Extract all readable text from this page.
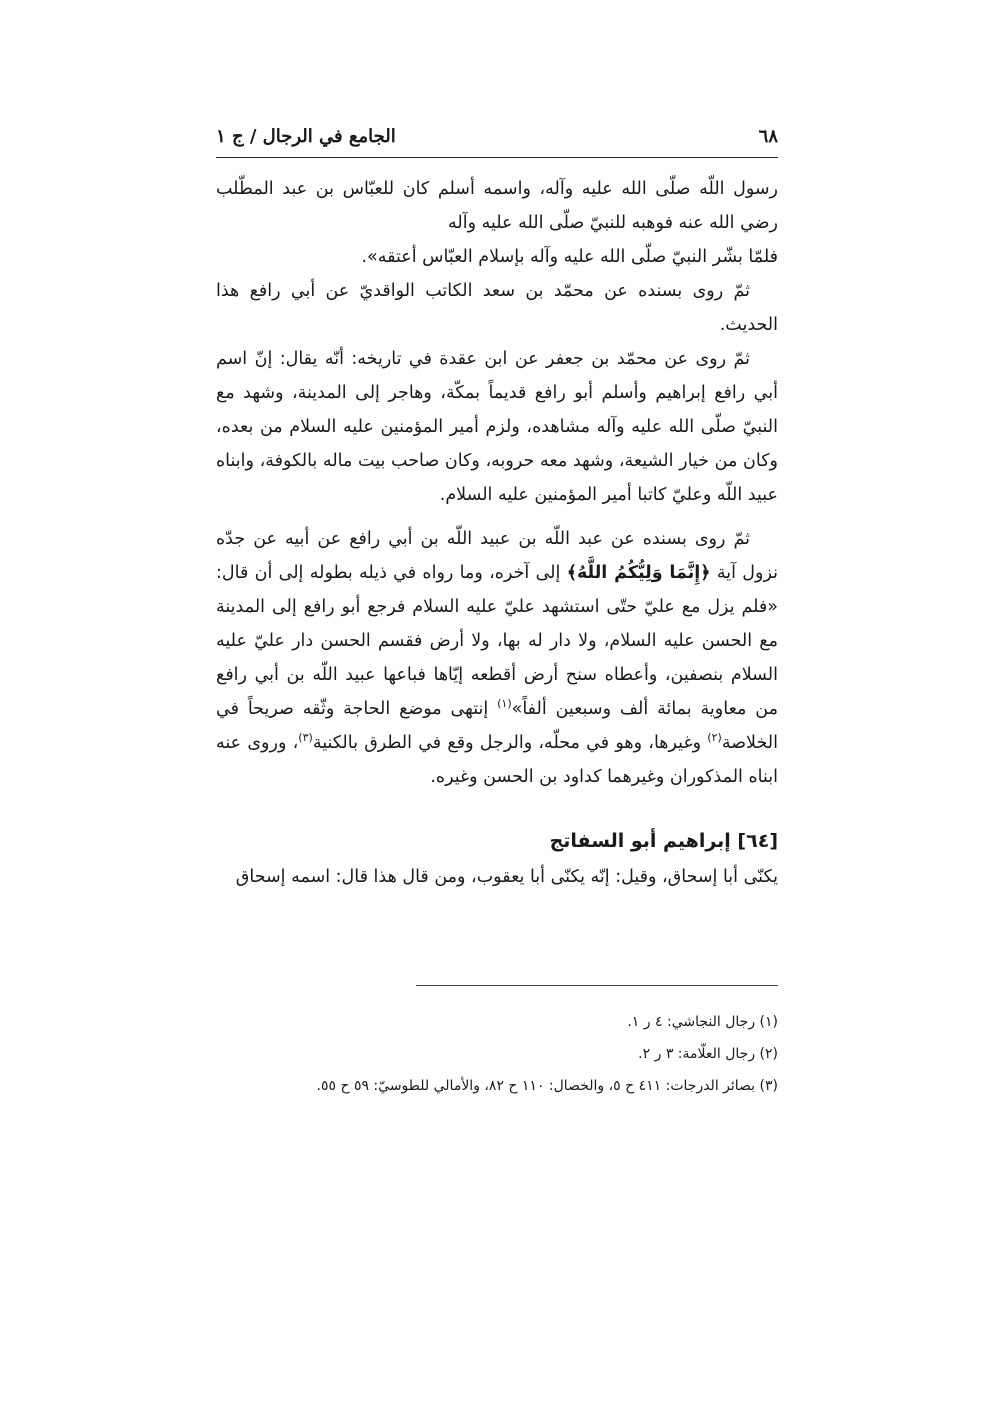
٦٨
الجامع في الرجال / ج ١

رسول اللّه صلّى الله عليه وآله، واسمه أسلم كان للعبّاس بن عبد المطّلب رضي الله عنه فوهبه للنبيّ صلّى الله عليه وآله

فلمّا بشّر النبيّ صلّى الله عليه وآله بإسلام العبّاس أعتقه».

ثمّ روى بسنده عن محمّد بن سعد الكاتب الواقديّ عن أبي رافع هذا الحديث.

ثمّ روى عن محمّد بن جعفر عن ابن عقدة في تاريخه: أنّه يقال: إنّ اسم أبي رافع إبراهيم وأسلم أبو رافع قديماً بمكّة، وهاجر إلى المدينة، وشهد مع النبيّ صلّى الله عليه وآله مشاهده، ولزم أمير المؤمنين عليه السلام من بعده، وكان من خيار الشيعة، وشهد معه حروبه، وكان صاحب بيت ماله بالكوفة، وابناه عبيد اللّه وعليّ كاتبا أمير المؤمنين عليه السلام.

ثمّ روى بسنده عن عبد اللّه بن عبيد اللّه بن أبي رافع عن أبيه عن جدّه نزول آية ﴿إِنَّمَا وَلِيُّكُمُ اللَّهُ﴾ إلى آخره، وما رواه في ذيله بطوله إلى أن قال: «فلم يزل مع عليّ حتّى استشهد عليّ عليه السلام فرجع أبو رافع إلى المدينة مع الحسن عليه السلام، ولا دار له بها، ولا أرض فقسم الحسن دار عليّ عليه السلام بنصفين، وأعطاه سنح أرض أقطعه إيّاها فباعها عبيد اللّه بن أبي رافع من معاوية بمائة ألف وسبعين ألفاً»$^{(١)}$ إنتهى موضع الحاجة وثّقه صريحاً في الخلاصة$^{(٢)}$ وغيرها، وهو في محلّه، والرجل وقع في الطرق بالكنية$^{(٣)}$، وروى عنه ابناه المذكوران وغيرهما كداود بن الحسن وغيره.

[٦٤] إبراهيم أبو السفاتج

يكنّى أبا إسحاق، وقيل: إنّه يكنّى أبا يعقوب، ومن قال هذا قال: اسمه إسحاق

(١) رجال النجاشي: ٤ ر ١.

(٢) رجال العلّامة: ٣ ر ٢.

(٣) بصائر الدرجات: ٤١١ ح ٥، والخصال: ١١٠ ح ٨٢، والأمالي للطوسيّ: ٥٩ ح ٥٥.
